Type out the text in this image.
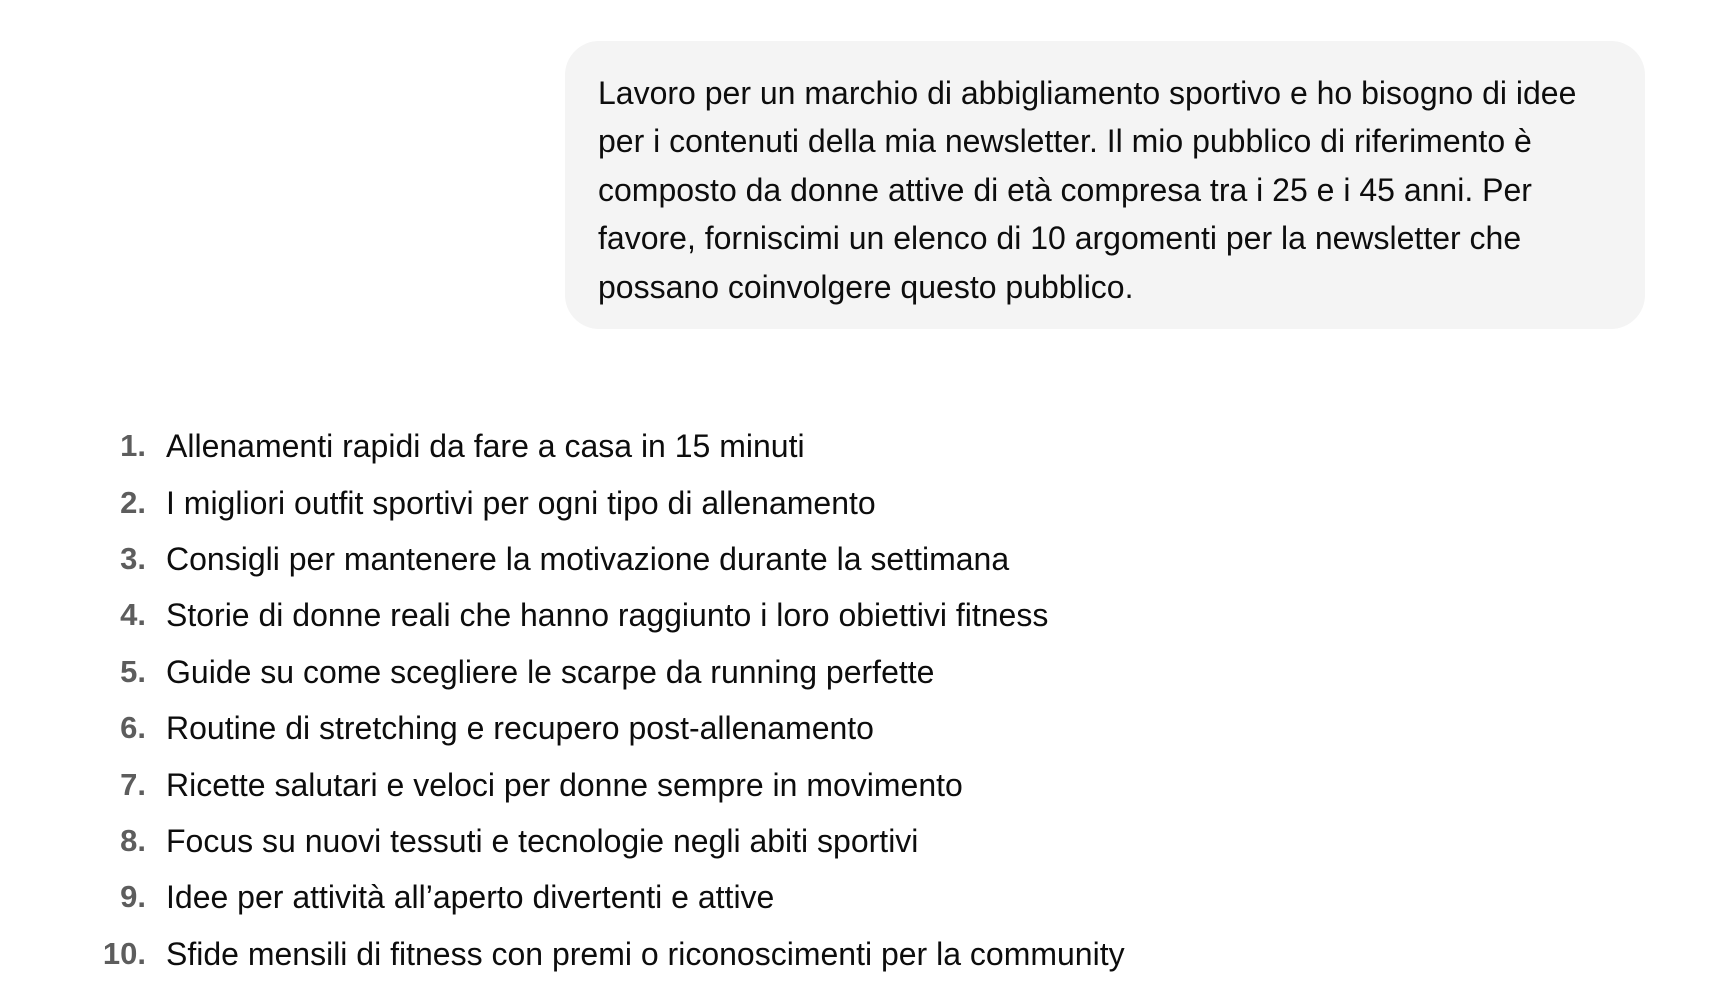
Lavoro per un marchio di abbigliamento sportivo e ho bisogno di idee per i contenuti della mia newsletter. Il mio pubblico di riferimento è composto da donne attive di età compresa tra i 25 e i 45 anni. Per favore, forniscimi un elenco di 10 argomenti per la newsletter che possano coinvolgere questo pubblico.

1. Allenamenti rapidi da fare a casa in 15 minuti
2. I migliori outfit sportivi per ogni tipo di allenamento
3. Consigli per mantenere la motivazione durante la settimana
4. Storie di donne reali che hanno raggiunto i loro obiettivi fitness
5. Guide su come scegliere le scarpe da running perfette
6. Routine di stretching e recupero post-allenamento
7. Ricette salutari e veloci per donne sempre in movimento
8. Focus su nuovi tessuti e tecnologie negli abiti sportivi
9. Idee per attività all’aperto divertenti e attive
10. Sfide mensili di fitness con premi o riconoscimenti per la community
